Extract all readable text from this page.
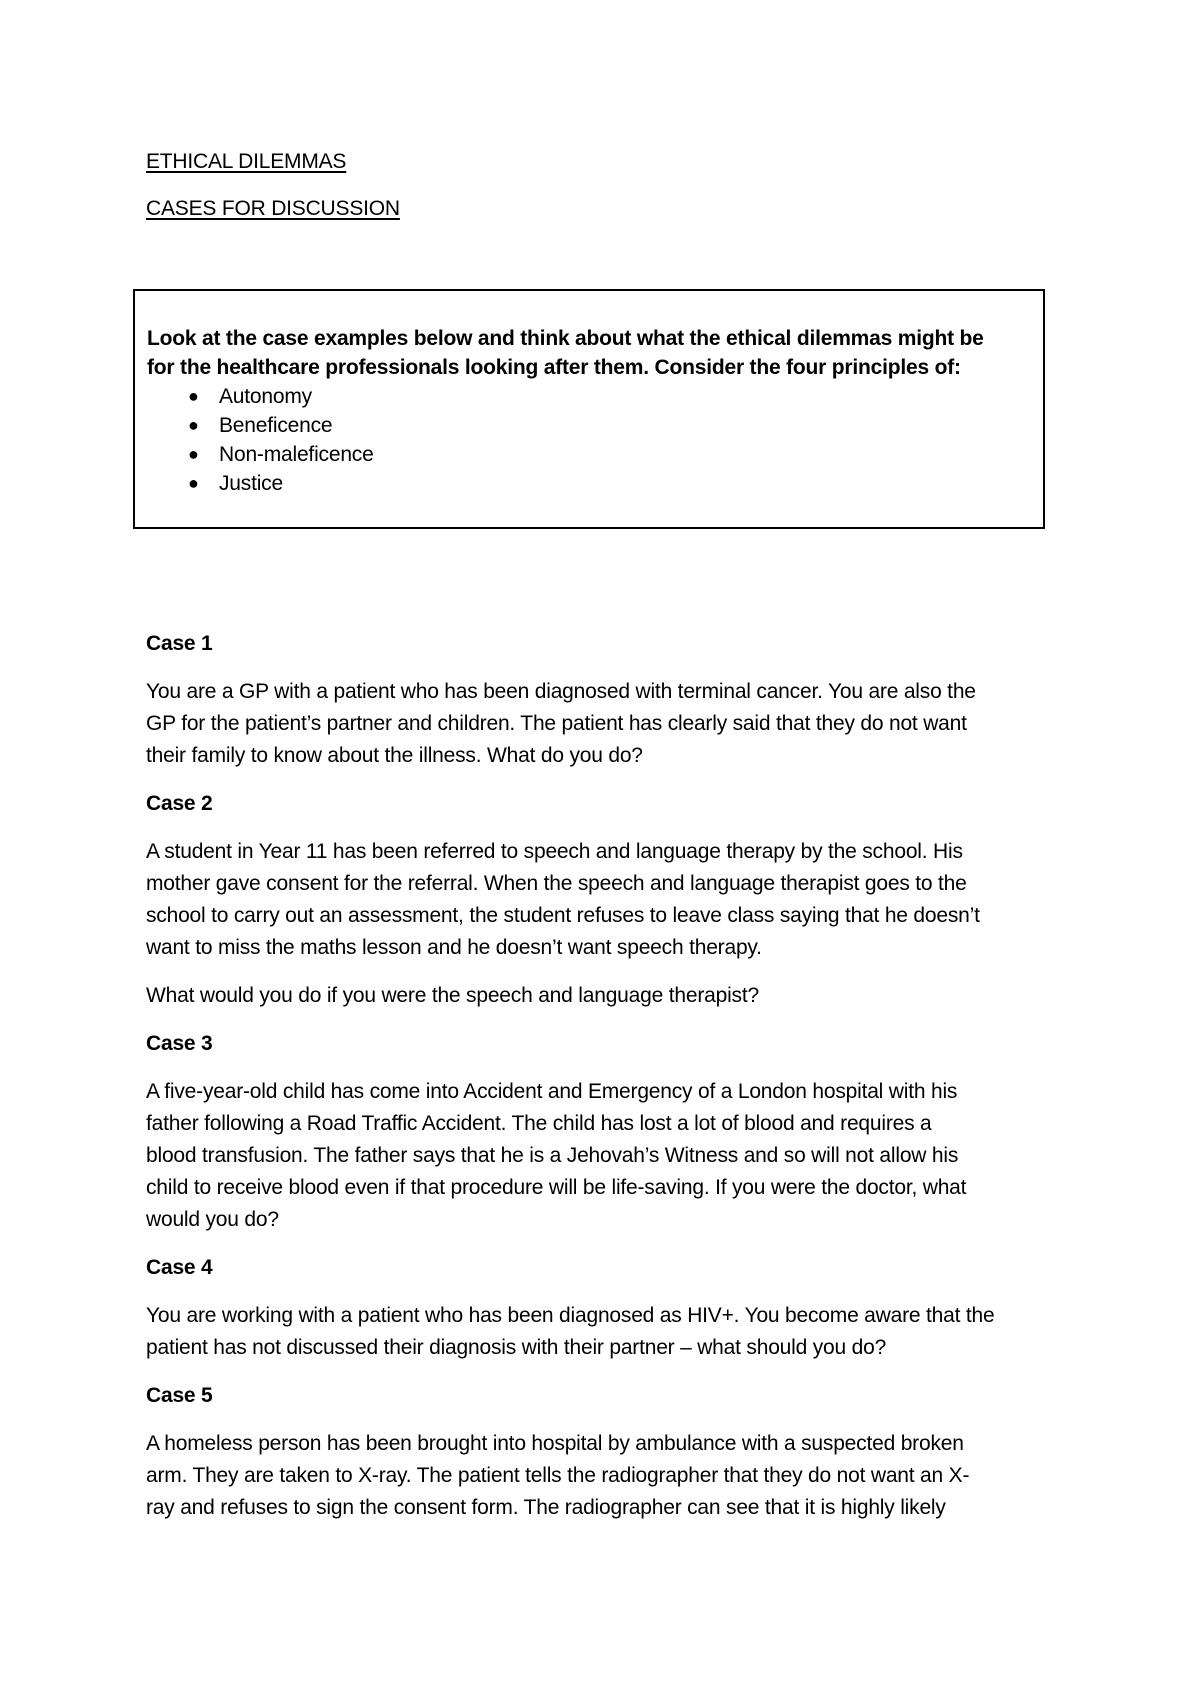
ETHICAL DILEMMAS
CASES FOR DISCUSSION

Look at the case examples below and think about what the ethical dilemmas might be

for the healthcare professionals looking after them. Consider the four principles of:

● Autonomy
● Beneficence
● Non-maleficence
● Justice

Case 1

You are a GP with a patient who has been diagnosed with terminal cancer. You are also the

GP for the patient’s partner and children. The patient has clearly said that they do not want

their family to know about the illness. What do you do?

Case 2

A student in Year 11 has been referred to speech and language therapy by the school. His

mother gave consent for the referral. When the speech and language therapist goes to the

school to carry out an assessment, the student refuses to leave class saying that he doesn’t

want to miss the maths lesson and he doesn’t want speech therapy.

What would you do if you were the speech and language therapist?

Case 3

A five-year-old child has come into Accident and Emergency of a London hospital with his

father following a Road Traffic Accident. The child has lost a lot of blood and requires a

blood transfusion. The father says that he is a Jehovah’s Witness and so will not allow his

child to receive blood even if that procedure will be life-saving. If you were the doctor, what

would you do?

Case 4

You are working with a patient who has been diagnosed as HIV+. You become aware that the

patient has not discussed their diagnosis with their partner – what should you do?

Case 5

A homeless person has been brought into hospital by ambulance with a suspected broken

arm. They are taken to X-ray. The patient tells the radiographer that they do not want an X-

ray and refuses to sign the consent form. The radiographer can see that it is highly likely
